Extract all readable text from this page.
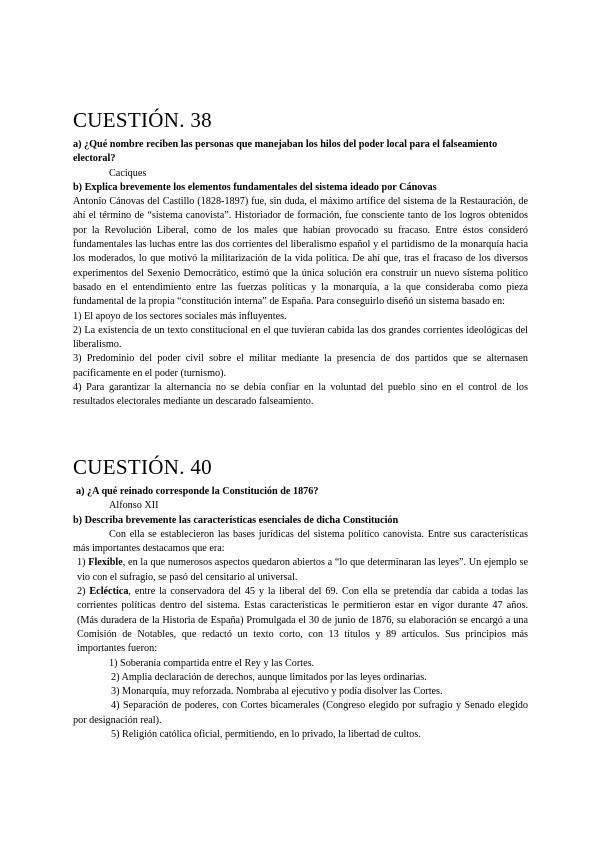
CUESTIÓN. 38

a) ¿Qué nombre reciben las personas que manejaban los hilos del poder local para el falseamiento electoral?

Caciques

b) Explica brevemente los elementos fundamentales del sistema ideado por Cánovas

Antonio Cánovas del Castillo (1828-1897) fue, sin duda, el máximo artífice del sistema de la Restauración, de ahí el término de “sistema canovista”. Historiador de formación, fue consciente tanto de los logros obtenidos por la Revolución Liberal, como de los males que habían provocado su fracaso. Entre éstos consideró fundamentales las luchas entre las dos corrientes del liberalismo español y el partidismo de la monarquía hacia los moderados, lo que motivó la militarización de la vida política. De ahí que, tras el fracaso de los diversos experimentos del Sexenio Democrático, estimó que la única solución era construir un nuevo sistema político basado en el entendimiento entre las fuerzas políticas y la monarquía, a la que consideraba como pieza fundamental de la propia “constitución interna” de España. Para conseguirlo diseñó un sistema basado en:

1) El apoyo de los sectores sociales más influyentes.

2) La existencia de un texto constitucional en el que tuvieran cabida las dos grandes corrientes ideológicas del liberalismo.

3) Predominio del poder civil sobre el militar mediante la presencia de dos partidos que se alternasen pacíficamente en el poder (turnismo).

4) Para garantizar la alternancia no se debía confiar en la voluntad del pueblo sino en el control de los resultados electorales mediante un descarado falseamiento.

CUESTIÓN. 40

a) ¿A qué reinado corresponde la Constitución de 1876?

Alfonso XII

b) Describa brevemente las características esenciales de dicha Constitución

Con ella se establecieron las bases jurídicas del sistema político canovista. Entre sus características más importantes destacamos que era:

1) Flexible, en la que numerosos aspectos quedaron abiertos a “lo que determinaran las leyes”. Un ejemplo se vio con el sufragio, se pasó del censitario al universal.

2) Ecléctica, entre la conservadora del 45 y la liberal del 69. Con ella se pretendía dar cabida a todas las corrientes políticas dentro del sistema. Estas características le permitieron estar en vigor durante 47 años. (Más duradera de la Historia de España) Promulgada el 30 de junio de 1876, su elaboración se encargó a una Comisión de Notables, que redactó un texto corto, con 13 títulos y 89 artículos. Sus principios más importantes fueron:

1) Soberanía compartida entre el Rey y las Cortes.

2) Amplia declaración de derechos, aunque limitados por las leyes ordinarias.

3) Monarquía, muy reforzada. Nombraba al ejecutivo y podía disolver las Cortes.

4) Separación de poderes, con Cortes bicamerales (Congreso elegido por sufragio y Senado elegido por designación real).

5) Religión católica oficial, permitiendo, en lo privado, la libertad de cultos.
